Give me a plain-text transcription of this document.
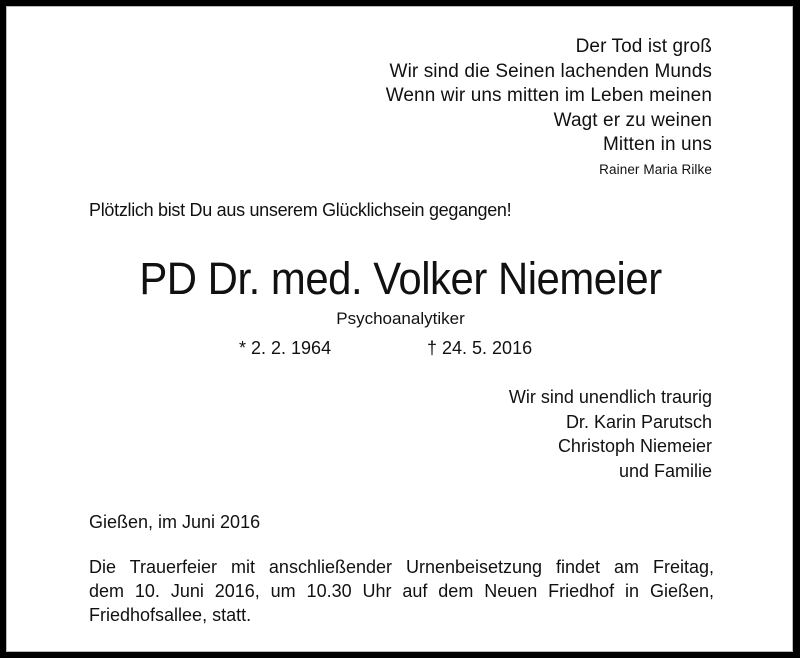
Der Tod ist groß
Wir sind die Seinen lachenden Munds
Wenn wir uns mitten im Leben meinen
Wagt er zu weinen
Mitten in uns
Rainer Maria Rilke
Plötzlich bist Du aus unserem Glücklichsein gegangen!
PD Dr. med. Volker Niemeier
Psychoanalytiker
* 2. 2. 1964	† 24. 5. 2016
Wir sind unendlich traurig
Dr. Karin Parutsch
Christoph Niemeier
und Familie
Gießen, im Juni 2016
Die Trauerfeier mit anschließender Urnenbeisetzung findet am Freitag,
dem 10. Juni 2016, um 10.30 Uhr auf dem Neuen Friedhof in Gießen,
Friedhofsallee, statt.
